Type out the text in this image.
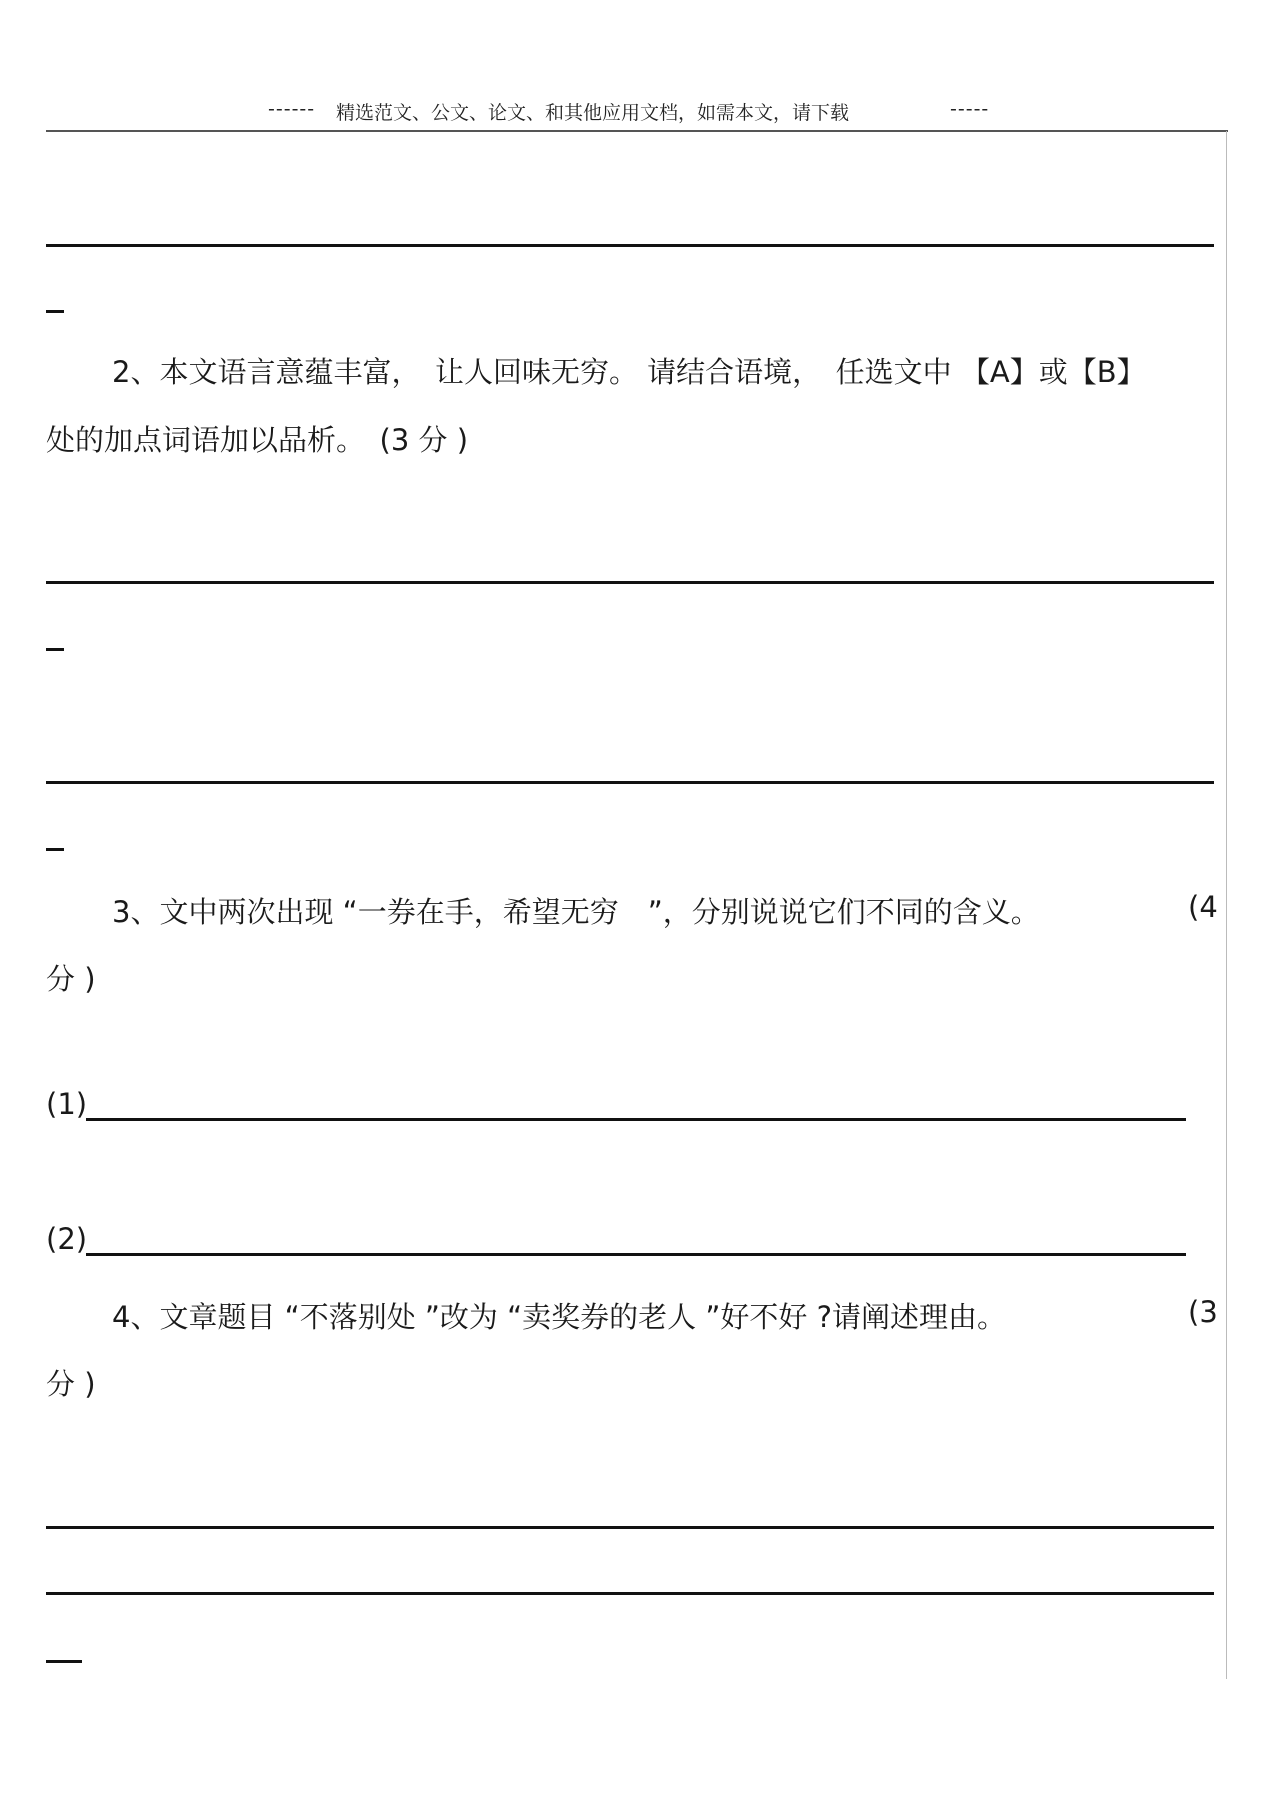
------ 精选范文、公文、论文、和其他应用文档，如需本文，请下载	-----
2、本文语言意蕴丰富，　让人回味无穷。 请结合语境，　任选文中 【A】或【B】
处的加点词语加以品析。　(3 分 )
3、文中两次出现 “一券在手，希望无穷　”，分别说说它们不同的含义。	(4
分 )
(1)
(2)
4、文章题目 “不落别处 ”改为 “卖奖券的老人 ”好不好 ?请阐述理由。	(3
分 )
